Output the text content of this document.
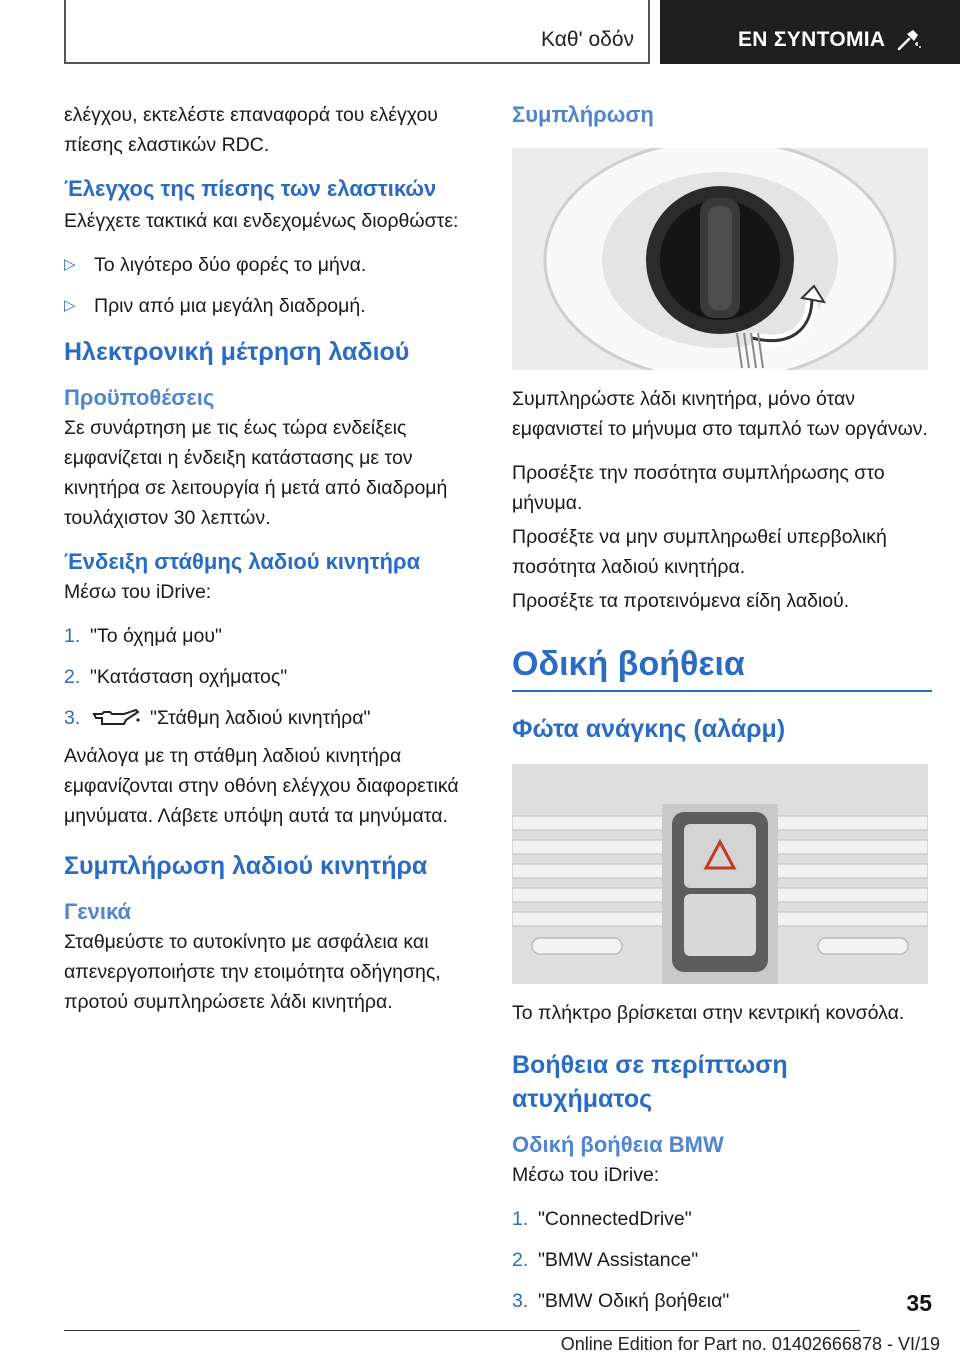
Καθ' οδόν	ΕΝ ΣΥΝΤΟΜΙΑ

ελέγχου, εκτελέστε επαναφορά του ελέγχου πίεσης ελαστικών RDC.

Έλεγχος της πίεσης των ελαστικών

Ελέγχετε τακτικά και ενδεχομένως διορθώστε:

▷ Το λιγότερο δύο φορές το μήνα.
▷ Πριν από μια μεγάλη διαδρομή.
Ηλεκτρονική μέτρηση λαδιού
Προϋποθέσεις

Σε συνάρτηση με τις έως τώρα ενδείξεις εμφανίζεται η ένδειξη κατάστασης με τον κινητήρα σε λειτουργία ή μετά από διαδρομή τουλάχιστον 30 λεπτών.

Ένδειξη στάθμης λαδιού κινητήρα

Μέσω του iDrive:

1. "Το όχημά μου"
2. "Κατάσταση οχήματος"
3.	"Στάθμη λαδιού κινητήρα"

Ανάλογα με τη στάθμη λαδιού κινητήρα εμφανίζονται στην οθόνη ελέγχου διαφορετικά μηνύματα. Λάβετε υπόψη αυτά τα μηνύματα.

Συμπλήρωση λαδιού κινητήρα
Γενικά

Σταθμεύστε το αυτοκίνητο με ασφάλεια και απενεργοποιήστε την ετοιμότητα οδήγησης, προτού συμπληρώσετε λάδι κινητήρα.

Συμπλήρωση

Συμπληρώστε λάδι κινητήρα, μόνο όταν εμφανιστεί το μήνυμα στο ταμπλό των οργάνων.

Προσέξτε την ποσότητα συμπλήρωσης στο μήνυμα.

Προσέξτε να μην συμπληρωθεί υπερβολική ποσότητα λαδιού κινητήρα.

Προσέξτε τα προτεινόμενα είδη λαδιού.

Οδική βοήθεια
Φώτα ανάγκης (αλάρμ)

Το πλήκτρο βρίσκεται στην κεντρική κονσόλα.

Βοήθεια σε περίπτωση ατυχήματος
Οδική βοήθεια BMW

Μέσω του iDrive:

1. "ConnectedDrive"
2. "BMW Assistance"
3. "BMW Οδική βοήθεια"	35
Online Edition for Part no. 01402666878 - VI/19
